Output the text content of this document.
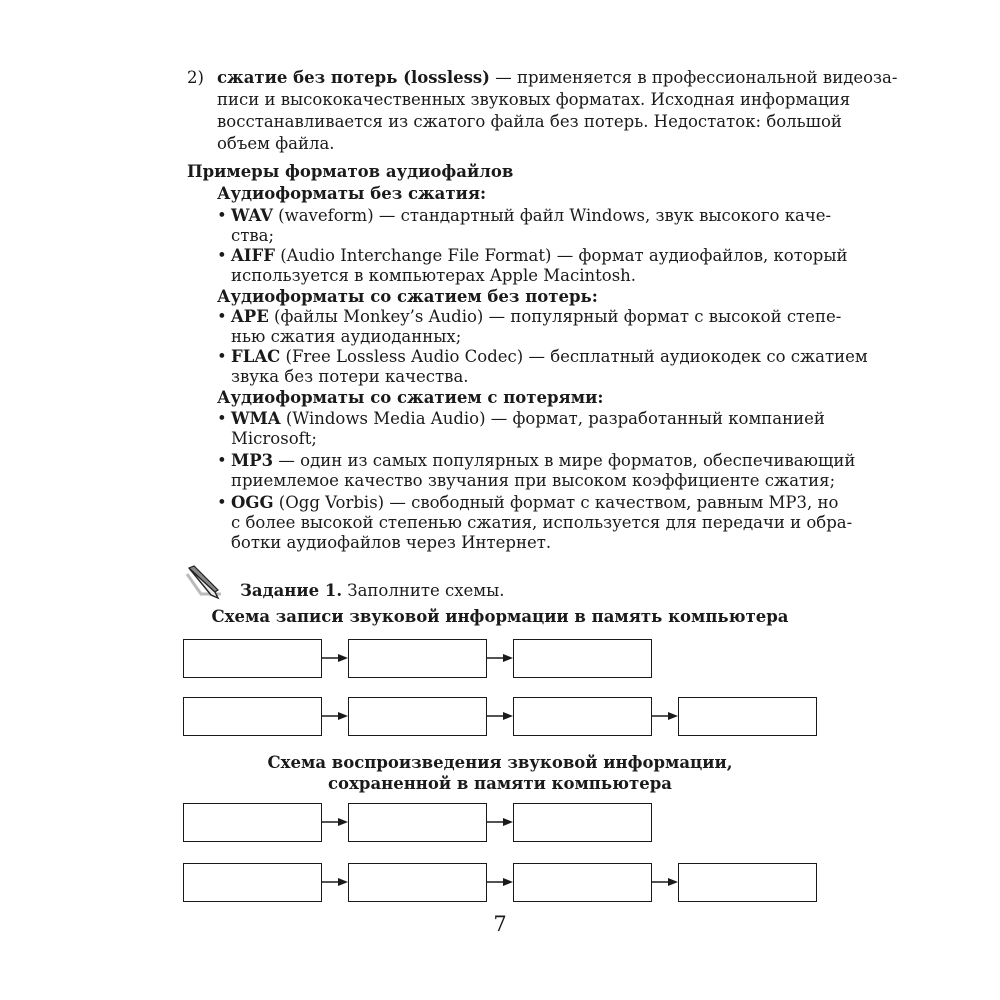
2) сжатие без потерь (lossless) — применяется в профессиональной видеоза-
писи и высококачественных звуковых форматах. Исходная информация
восстанавливается из сжатого файла без потерь. Недостаток: большой
объем файла.
Примеры форматов аудиофайлов
Аудиоформаты без сжатия:
• WAV (waveform) — стандартный файл Windows, звук высокого каче-
ства;
• AIFF (Audio Interchange File Format) — формат аудиофайлов, который
используется в компьютерах Apple Macintosh.
Аудиоформаты со сжатием без потерь:
• APE (файлы Monkey’s Audio) — популярный формат с высокой степе-
нью сжатия аудиоданных;
• FLAC (Free Lossless Audio Codec) — бесплатный аудиокодек со сжатием
звука без потери качества.
Аудиоформаты со сжатием с потерями:
• WMA (Windows Media Audio) — формат, разработанный компанией
Microsoft;
• MP3 — один из самых популярных в мире форматов, обеспечивающий
приемлемое качество звучания при высоком коэффициенте сжатия;
• OGG (Ogg Vorbis) — свободный формат с качеством, равным MP3, но
с более высокой степенью сжатия, используется для передачи и обра-
ботки аудиофайлов через Интернет.
Задание 1. Заполните схемы.
Схема записи звуковой информации в память компьютера
Схема воспроизведения звуковой информации,
сохраненной в памяти компьютера
7
